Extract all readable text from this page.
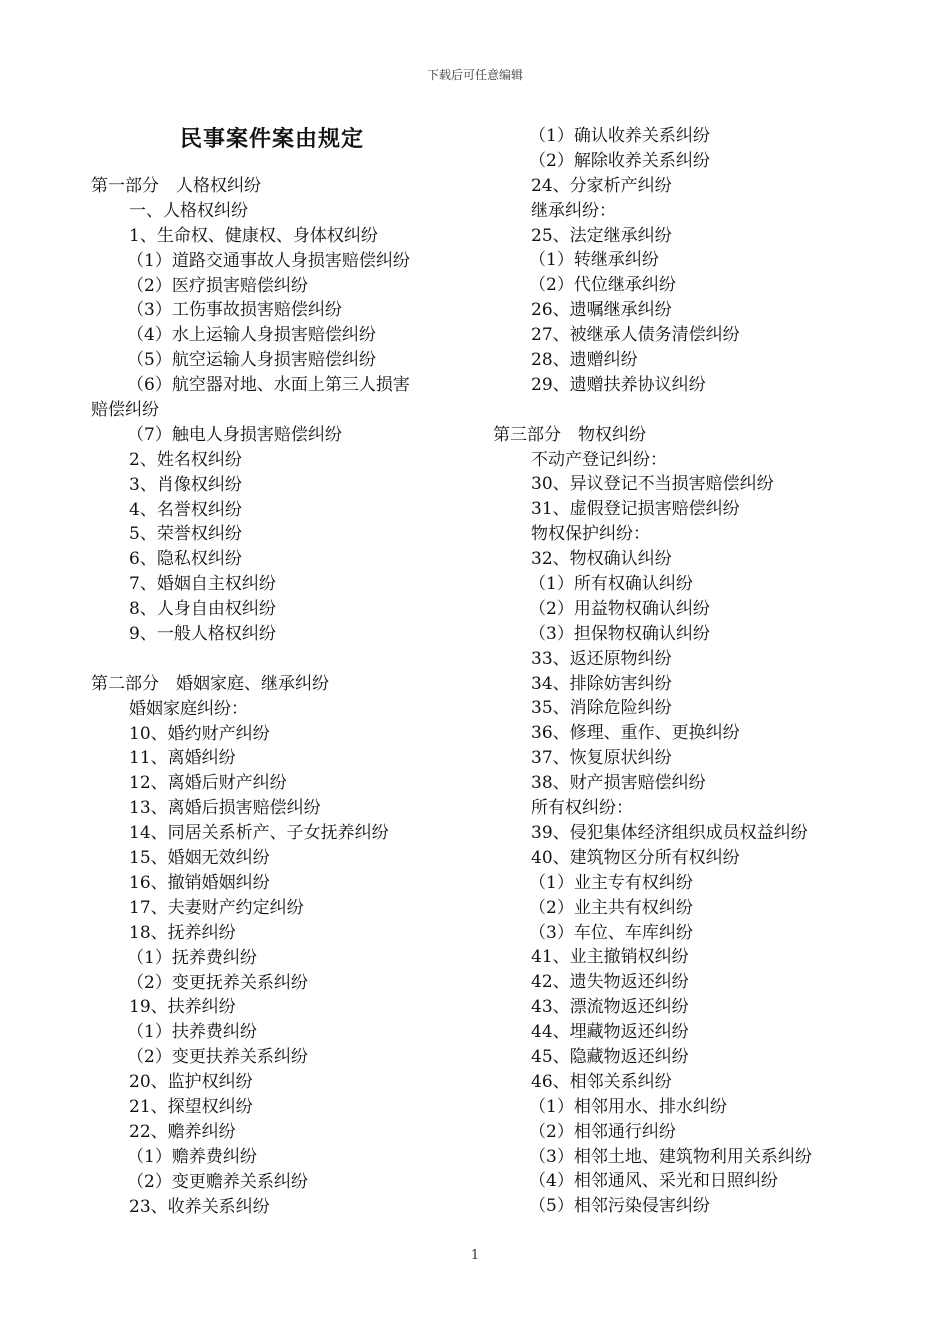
下载后可任意编辑
民事案件案由规定
第一部分　人格权纠纷
一、人格权纠纷
1、生命权、健康权、身体权纠纷
（1）道路交通事故人身损害赔偿纠纷
（2）医疗损害赔偿纠纷
（3）工伤事故损害赔偿纠纷
（4）水上运输人身损害赔偿纠纷
（5）航空运输人身损害赔偿纠纷
（6）航空器对地、水面上第三人损害
赔偿纠纷
（7）触电人身损害赔偿纠纷
2、姓名权纠纷
3、肖像权纠纷
4、名誉权纠纷
5、荣誉权纠纷
6、隐私权纠纷
7、婚姻自主权纠纷
8、人身自由权纠纷
9、一般人格权纠纷
第二部分　婚姻家庭、继承纠纷
婚姻家庭纠纷：
10、婚约财产纠纷
11、离婚纠纷
12、离婚后财产纠纷
13、离婚后损害赔偿纠纷
14、同居关系析产、子女抚养纠纷
15、婚姻无效纠纷
16、撤销婚姻纠纷
17、夫妻财产约定纠纷
18、抚养纠纷
（1）抚养费纠纷
（2）变更抚养关系纠纷
19、扶养纠纷
（1）扶养费纠纷
（2）变更扶养关系纠纷
20、监护权纠纷
21、探望权纠纷
22、赡养纠纷
（1）赡养费纠纷
（2）变更赡养关系纠纷
23、收养关系纠纷
（1）确认收养关系纠纷
（2）解除收养关系纠纷
24、分家析产纠纷
继承纠纷：
25、法定继承纠纷
（1）转继承纠纷
（2）代位继承纠纷
26、遗嘱继承纠纷
27、被继承人债务清偿纠纷
28、遗赠纠纷
29、遗赠扶养协议纠纷
第三部分　物权纠纷
不动产登记纠纷：
30、异议登记不当损害赔偿纠纷
31、虚假登记损害赔偿纠纷
物权保护纠纷：
32、物权确认纠纷
（1）所有权确认纠纷
（2）用益物权确认纠纷
（3）担保物权确认纠纷
33、返还原物纠纷
34、排除妨害纠纷
35、消除危险纠纷
36、修理、重作、更换纠纷
37、恢复原状纠纷
38、财产损害赔偿纠纷
所有权纠纷：
39、侵犯集体经济组织成员权益纠纷
40、建筑物区分所有权纠纷
（1）业主专有权纠纷
（2）业主共有权纠纷
（3）车位、车库纠纷
41、业主撤销权纠纷
42、遗失物返还纠纷
43、漂流物返还纠纷
44、埋藏物返还纠纷
45、隐藏物返还纠纷
46、相邻关系纠纷
（1）相邻用水、排水纠纷
（2）相邻通行纠纷
（3）相邻土地、建筑物利用关系纠纷
（4）相邻通风、采光和日照纠纷
（5）相邻污染侵害纠纷
1
